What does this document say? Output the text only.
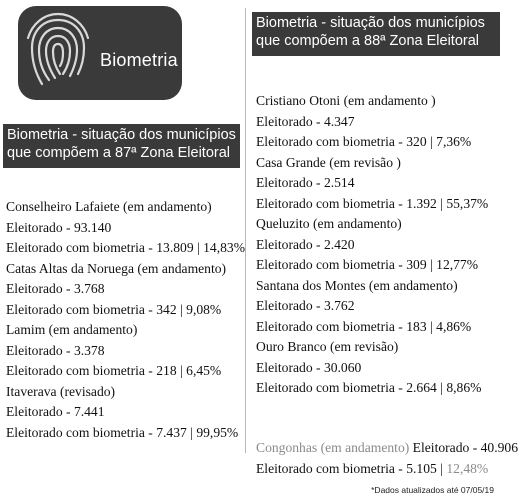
Biometria
Biometria - situação dos municípios
que compõem a 87ª Zona Eleitoral
Conselheiro Lafaiete (em andamento)
Eleitorado - 93.140
Eleitorado com biometria - 13.809 | 14,83%
Catas Altas da Noruega (em andamento)
Eleitorado - 3.768
Eleitorado com biometria - 342 | 9,08%
Lamim (em andamento)
Eleitorado - 3.378
Eleitorado com biometria - 218 | 6,45%
Itaverava (revisado)
Eleitorado - 7.441
Eleitorado com biometria - 7.437 | 99,95%
Biometria - situação dos municípios
que compõem a 88ª Zona Eleitoral
Cristiano Otoni (em andamento )
Eleitorado - 4.347
Eleitorado com biometria - 320 | 7,36%
Casa Grande (em revisão )
Eleitorado - 2.514
Eleitorado com biometria - 1.392 | 55,37%
Queluzito (em andamento)
Eleitorado - 2.420
Eleitorado com biometria - 309 | 12,77%
Santana dos Montes (em andamento)
Eleitorado - 3.762
Eleitorado com biometria - 183 | 4,86%
Ouro Branco (em revisão)
Eleitorado - 30.060
Eleitorado com biometria - 2.664 | 8,86%
Congonhas (em andamento) Eleitorado - 40.906
Eleitorado com biometria - 5.105 | 12,48%
*Dados atualizados até 07/05/19
